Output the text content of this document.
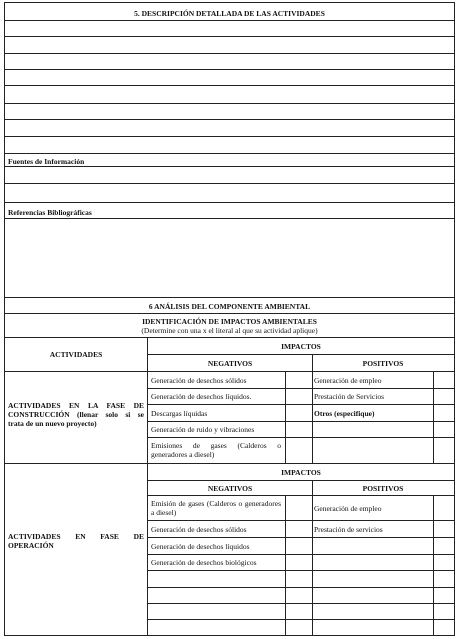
5. DESCRIPCIÓN DETALLADA DE LAS ACTIVIDADES
Fuentes de Información
Referencias Bibliográficas
6 ANÁLISIS DEL COMPONENTE AMBIENTAL
IDENTIFICACIÓN DE IMPACTOS AMBIENTALES
(Determine con una x el literal al que su actividad aplique)
ACTIVIDADES
IMPACTOS
NEGATIVOS	POSITIVOS
ACTIVIDADES EN LA FASE DE
CONSTRUCCIÓN (llenar solo si se
trata de un nuevo proyecto)
Generación de desechos sólidos
Generación de desechos líquidos.
Descargas líquidas
Generación de ruido y vibraciones
Emisiones de gases (Calderos o generadores a diesel)
Generación de empleo
Prestación de Servicios
Otros (especifique)
IMPACTOS
NEGATIVOS	POSITIVOS
ACTIVIDADES EN FASE DE
OPERACIÓN
Emisión de gases (Calderos o generadores a diesel)
Generación de desechos sólidos
Generación de desechos líquidos
Generación de desechos biológicos
Generación de empleo
Prestación de servicios
